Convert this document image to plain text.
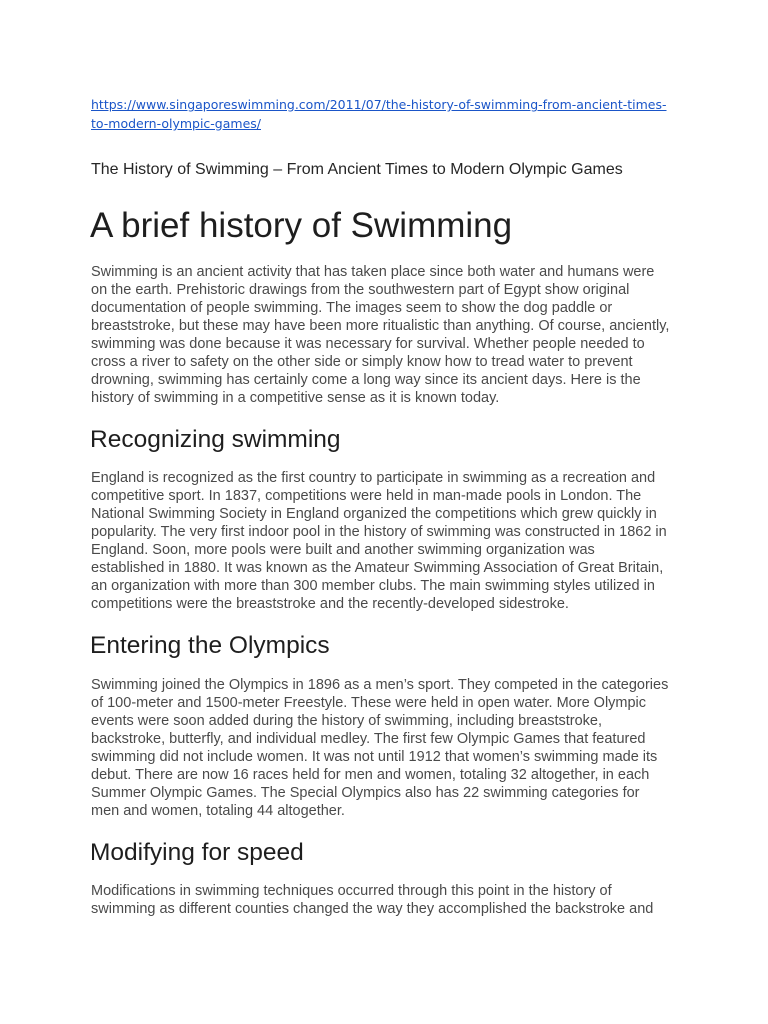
https://www.singaporeswimming.com/2011/07/the-history-of-swimming-from-ancient-times-to-modern-olympic-games/
The History of Swimming – From Ancient Times to Modern Olympic Games
A brief history of Swimming

Swimming is an ancient activity that has taken place since both water and humans were on the earth. Prehistoric drawings from the southwestern part of Egypt show original documentation of people swimming. The images seem to show the dog paddle or breaststroke, but these may have been more ritualistic than anything. Of course, anciently, swimming was done because it was necessary for survival. Whether people needed to cross a river to safety on the other side or simply know how to tread water to prevent drowning, swimming has certainly come a long way since its ancient days. Here is the history of swimming in a competitive sense as it is known today.

Recognizing swimming

England is recognized as the first country to participate in swimming as a recreation and competitive sport. In 1837, competitions were held in man-made pools in London. The National Swimming Society in England organized the competitions which grew quickly in popularity. The very first indoor pool in the history of swimming was constructed in 1862 in England. Soon, more pools were built and another swimming organization was established in 1880. It was known as the Amateur Swimming Association of Great Britain, an organization with more than 300 member clubs. The main swimming styles utilized in competitions were the breaststroke and the recently-developed sidestroke.

Entering the Olympics

Swimming joined the Olympics in 1896 as a men’s sport. They competed in the categories of 100-meter and 1500-meter Freestyle. These were held in open water. More Olympic events were soon added during the history of swimming, including breaststroke, backstroke, butterfly, and individual medley. The first few Olympic Games that featured swimming did not include women. It was not until 1912 that women’s swimming made its debut. There are now 16 races held for men and women, totaling 32 altogether, in each Summer Olympic Games. The Special Olympics also has 22 swimming categories for men and women, totaling 44 altogether.

Modifying for speed

Modifications in swimming techniques occurred through this point in the history of swimming as different counties changed the way they accomplished the backstroke and
